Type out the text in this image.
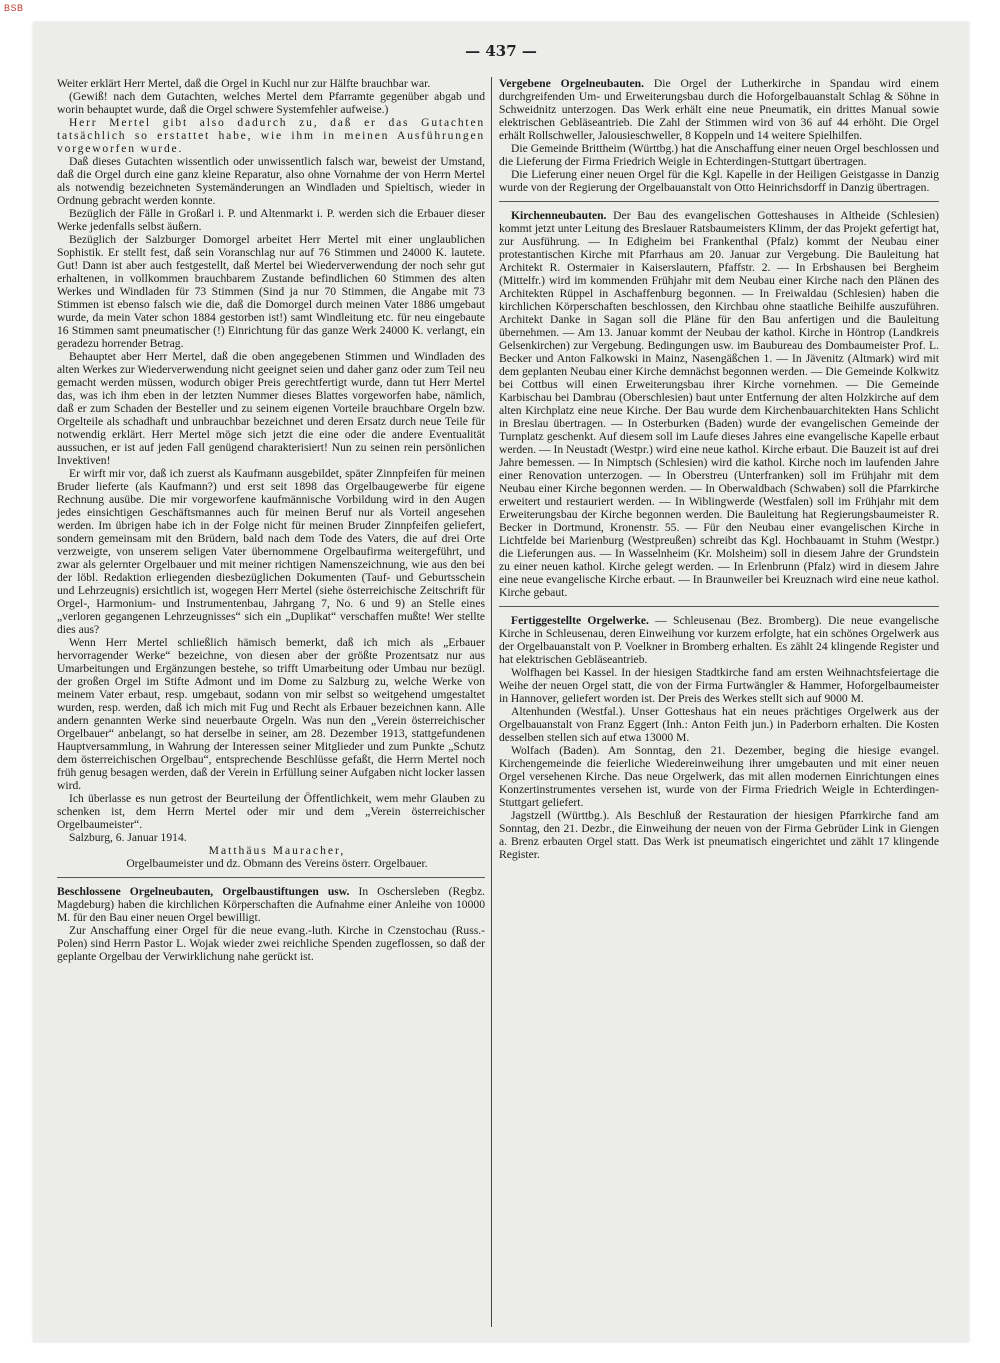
BSB
— 437 —

Weiter erklärt Herr Mertel, daß die Orgel in Kuchl nur zur Hälfte brauchbar war.

(Gewiß! nach dem Gutachten, welches Mertel dem Pfarramte gegenüber abgab und worin behauptet wurde, daß die Orgel schwere Systemfehler aufweise.)

Herr Mertel gibt also dadurch zu, daß er das Gutachten tatsächlich so erstattet habe, wie ihm in meinen Ausführungen vorgeworfen wurde.

Daß dieses Gutachten wissentlich oder unwissentlich falsch war, beweist der Umstand, daß die Orgel durch eine ganz kleine Reparatur, also ohne Vornahme der von Herrn Mertel als notwendig bezeichneten Systemänderungen an Windladen und Spieltisch, wieder in Ordnung gebracht werden konnte.

Bezüglich der Fälle in Großarl i. P. und Altenmarkt i. P. werden sich die Erbauer dieser Werke jedenfalls selbst äußern.

Bezüglich der Salzburger Domorgel arbeitet Herr Mertel mit einer unglaublichen Sophistik. Er stellt fest, daß sein Voranschlag nur auf 76 Stimmen und 24000 K. lautete. Gut! Dann ist aber auch festgestellt, daß Mertel bei Wiederverwendung der noch sehr gut erhaltenen, in vollkommen brauchbarem Zustande befindlichen 60 Stimmen des alten Werkes und Windladen für 73 Stimmen (Sind ja nur 70 Stimmen, die Angabe mit 73 Stimmen ist ebenso falsch wie die, daß die Domorgel durch meinen Vater 1886 umgebaut wurde, da mein Vater schon 1884 gestorben ist!) samt Windleitung etc. für neu eingebaute 16 Stimmen samt pneumatischer (!) Einrichtung für das ganze Werk 24000 K. verlangt, ein geradezu horrender Betrag.

Behauptet aber Herr Mertel, daß die oben angegebenen Stimmen und Windladen des alten Werkes zur Wiederverwendung nicht geeignet seien und daher ganz oder zum Teil neu gemacht werden müssen, wodurch obiger Preis gerechtfertigt wurde, dann tut Herr Mertel das, was ich ihm eben in der letzten Nummer dieses Blattes vorgeworfen habe, nämlich, daß er zum Schaden der Besteller und zu seinem eigenen Vorteile brauchbare Orgeln bzw. Orgelteile als schadhaft und unbrauchbar bezeichnet und deren Ersatz durch neue Teile für notwendig erklärt. Herr Mertel möge sich jetzt die eine oder die andere Eventualität aussuchen, er ist auf jeden Fall genügend charakterisiert! Nun zu seinen rein persönlichen Invektiven!

Er wirft mir vor, daß ich zuerst als Kaufmann ausgebildet, später Zinnpfeifen für meinen Bruder lieferte (als Kaufmann?) und erst seit 1898 das Orgelbaugewerbe für eigene Rechnung ausübe. Die mir vorgeworfene kaufmännische Vorbildung wird in den Augen jedes einsichtigen Geschäftsmannes auch für meinen Beruf nur als Vorteil angesehen werden. Im übrigen habe ich in der Folge nicht für meinen Bruder Zinnpfeifen geliefert, sondern gemeinsam mit den Brüdern, bald nach dem Tode des Vaters, die auf drei Orte verzweigte, von unserem seligen Vater übernommene Orgelbaufirma weitergeführt, und zwar als gelernter Orgelbauer und mit meiner richtigen Namenszeichnung, wie aus den bei der löbl. Redaktion erliegenden diesbezüglichen Dokumenten (Tauf- und Geburtsschein und Lehrzeugnis) ersichtlich ist, wogegen Herr Mertel (siehe österreichische Zeitschrift für Orgel-, Harmonium- und Instrumentenbau, Jahrgang 7, No. 6 und 9) an Stelle eines „verloren gegangenen Lehrzeugnisses“ sich ein „Duplikat“ verschaffen mußte! Wer stellte dies aus?

Wenn Herr Mertel schließlich hämisch bemerkt, daß ich mich als „Erbauer hervorragender Werke“ bezeichne, von diesen aber der größte Prozentsatz nur aus Umarbeitungen und Ergänzungen bestehe, so trifft Umarbeitung oder Umbau nur bezügl. der großen Orgel im Stifte Admont und im Dome zu Salzburg zu, welche Werke von meinem Vater erbaut, resp. umgebaut, sodann von mir selbst so weitgehend umgestaltet wurden, resp. werden, daß ich mich mit Fug und Recht als Erbauer bezeichnen kann. Alle andern genannten Werke sind neuerbaute Orgeln. Was nun den „Verein österreichischer Orgelbauer“ anbelangt, so hat derselbe in seiner, am 28. Dezember 1913, stattgefundenen Hauptversammlung, in Wahrung der Interessen seiner Mitglieder und zum Punkte „Schutz dem österreichischen Orgelbau“, entsprechende Beschlüsse gefaßt, die Herrn Mertel noch früh genug besagen werden, daß der Verein in Erfüllung seiner Aufgaben nicht locker lassen wird.

Ich überlasse es nun getrost der Beurteilung der Öffentlichkeit, wem mehr Glauben zu schenken ist, dem Herrn Mertel oder mir und dem „Verein österreichischer Orgelbaumeister“.

Salzburg, 6. Januar 1914.

Matthäus Mauracher,

Orgelbaumeister und dz. Obmann des Vereins österr. Orgelbauer.

Beschlossene Orgelneubauten, Orgelbaustiftungen usw. In Oschersleben (Regbz. Magdeburg) haben die kirchlichen Körperschaften die Aufnahme einer Anleihe von 10000 M. für den Bau einer neuen Orgel bewilligt.

Zur Anschaffung einer Orgel für die neue evang.-luth. Kirche in Czenstochau (Russ.-Polen) sind Herrn Pastor L. Wojak wieder zwei reichliche Spenden zugeflossen, so daß der geplante Orgelbau der Verwirklichung nahe gerückt ist.

Vergebene Orgelneubauten. Die Orgel der Lutherkirche in Spandau wird einem durchgreifenden Um- und Erweiterungsbau durch die Hoforgelbauanstalt Schlag & Söhne in Schweidnitz unterzogen. Das Werk erhält eine neue Pneumatik, ein drittes Manual sowie elektrischen Gebläseantrieb. Die Zahl der Stimmen wird von 36 auf 44 erhöht. Die Orgel erhält Rollschweller, Jalousieschweller, 8 Koppeln und 14 weitere Spielhilfen.

Die Gemeinde Brittheim (Württbg.) hat die Anschaffung einer neuen Orgel beschlossen und die Lieferung der Firma Friedrich Weigle in Echterdingen-Stuttgart übertragen.

Die Lieferung einer neuen Orgel für die Kgl. Kapelle in der Heiligen Geistgasse in Danzig wurde von der Regierung der Orgelbauanstalt von Otto Heinrichsdorff in Danzig übertragen.

Kirchenneubauten. Der Bau des evangelischen Gotteshauses in Altheide (Schlesien) kommt jetzt unter Leitung des Breslauer Ratsbaumeisters Klimm, der das Projekt gefertigt hat, zur Ausführung. — In Edigheim bei Frankenthal (Pfalz) kommt der Neubau einer protestantischen Kirche mit Pfarrhaus am 20. Januar zur Vergebung. Die Bauleitung hat Architekt R. Ostermaier in Kaiserslautern, Pfaffstr. 2. — In Erbshausen bei Bergheim (Mittelfr.) wird im kommenden Frühjahr mit dem Neubau einer Kirche nach den Plänen des Architekten Rüppel in Aschaffenburg begonnen. — In Freiwaldau (Schlesien) haben die kirchlichen Körperschaften beschlossen, den Kirchbau ohne staatliche Beihilfe auszuführen. Architekt Danke in Sagan soll die Pläne für den Bau anfertigen und die Bauleitung übernehmen. — Am 13. Januar kommt der Neubau der kathol. Kirche in Höntrop (Landkreis Gelsenkirchen) zur Vergebung. Bedingungen usw. im Baubureau des Dombaumeister Prof. L. Becker und Anton Falkowski in Mainz, Nasengäßchen 1. — In Jävenitz (Altmark) wird mit dem geplanten Neubau einer Kirche demnächst begonnen werden. — Die Gemeinde Kolkwitz bei Cottbus will einen Erweiterungsbau ihrer Kirche vornehmen. — Die Gemeinde Karbischau bei Dambrau (Oberschlesien) baut unter Entfernung der alten Holzkirche auf dem alten Kirchplatz eine neue Kirche. Der Bau wurde dem Kirchenbauarchitekten Hans Schlicht in Breslau übertragen. — In Osterburken (Baden) wurde der evangelischen Gemeinde der Turnplatz geschenkt. Auf diesem soll im Laufe dieses Jahres eine evangelische Kapelle erbaut werden. — In Neustadt (Westpr.) wird eine neue kathol. Kirche erbaut. Die Bauzeit ist auf drei Jahre bemessen. — In Nimptsch (Schlesien) wird die kathol. Kirche noch im laufenden Jahre einer Renovation unterzogen. — In Oberstreu (Unterfranken) soll im Frühjahr mit dem Neubau einer Kirche begonnen werden. — In Oberwaldbach (Schwaben) soll die Pfarrkirche erweitert und restauriert werden. — In Wiblingwerde (Westfalen) soll im Frühjahr mit dem Erweiterungsbau der Kirche begonnen werden. Die Bauleitung hat Regierungsbaumeister R. Becker in Dortmund, Kronenstr. 55. — Für den Neubau einer evangelischen Kirche in Lichtfelde bei Marienburg (Westpreußen) schreibt das Kgl. Hochbauamt in Stuhm (Westpr.) die Lieferungen aus. — In Wasselnheim (Kr. Molsheim) soll in diesem Jahre der Grundstein zu einer neuen kathol. Kirche gelegt werden. — In Erlenbrunn (Pfalz) wird in diesem Jahre eine neue evangelische Kirche erbaut. — In Braunweiler bei Kreuznach wird eine neue kathol. Kirche gebaut.

Fertiggestellte Orgelwerke. — Schleusenau (Bez. Bromberg). Die neue evangelische Kirche in Schleusenau, deren Einweihung vor kurzem erfolgte, hat ein schönes Orgelwerk aus der Orgelbauanstalt von P. Voelkner in Bromberg erhalten. Es zählt 24 klingende Register und hat elektrischen Gebläseantrieb.

Wolfhagen bei Kassel. In der hiesigen Stadtkirche fand am ersten Weihnachtsfeiertage die Weihe der neuen Orgel statt, die von der Firma Furtwängler & Hammer, Hoforgelbaumeister in Hannover, geliefert worden ist. Der Preis des Werkes stellt sich auf 9000 M.

Altenhunden (Westfal.). Unser Gotteshaus hat ein neues prächtiges Orgelwerk aus der Orgelbauanstalt von Franz Eggert (Inh.: Anton Feith jun.) in Paderborn erhalten. Die Kosten desselben stellen sich auf etwa 13000 M.

Wolfach (Baden). Am Sonntag, den 21. Dezember, beging die hiesige evangel. Kirchengemeinde die feierliche Wiedereinweihung ihrer umgebauten und mit einer neuen Orgel versehenen Kirche. Das neue Orgelwerk, das mit allen modernen Einrichtungen eines Konzertinstrumentes versehen ist, wurde von der Firma Friedrich Weigle in Echterdingen-Stuttgart geliefert.

Jagstzell (Württbg.). Als Beschluß der Restauration der hiesigen Pfarrkirche fand am Sonntag, den 21. Dezbr., die Einweihung der neuen von der Firma Gebrüder Link in Giengen a. Brenz erbauten Orgel statt. Das Werk ist pneumatisch eingerichtet und zählt 17 klingende Register.
